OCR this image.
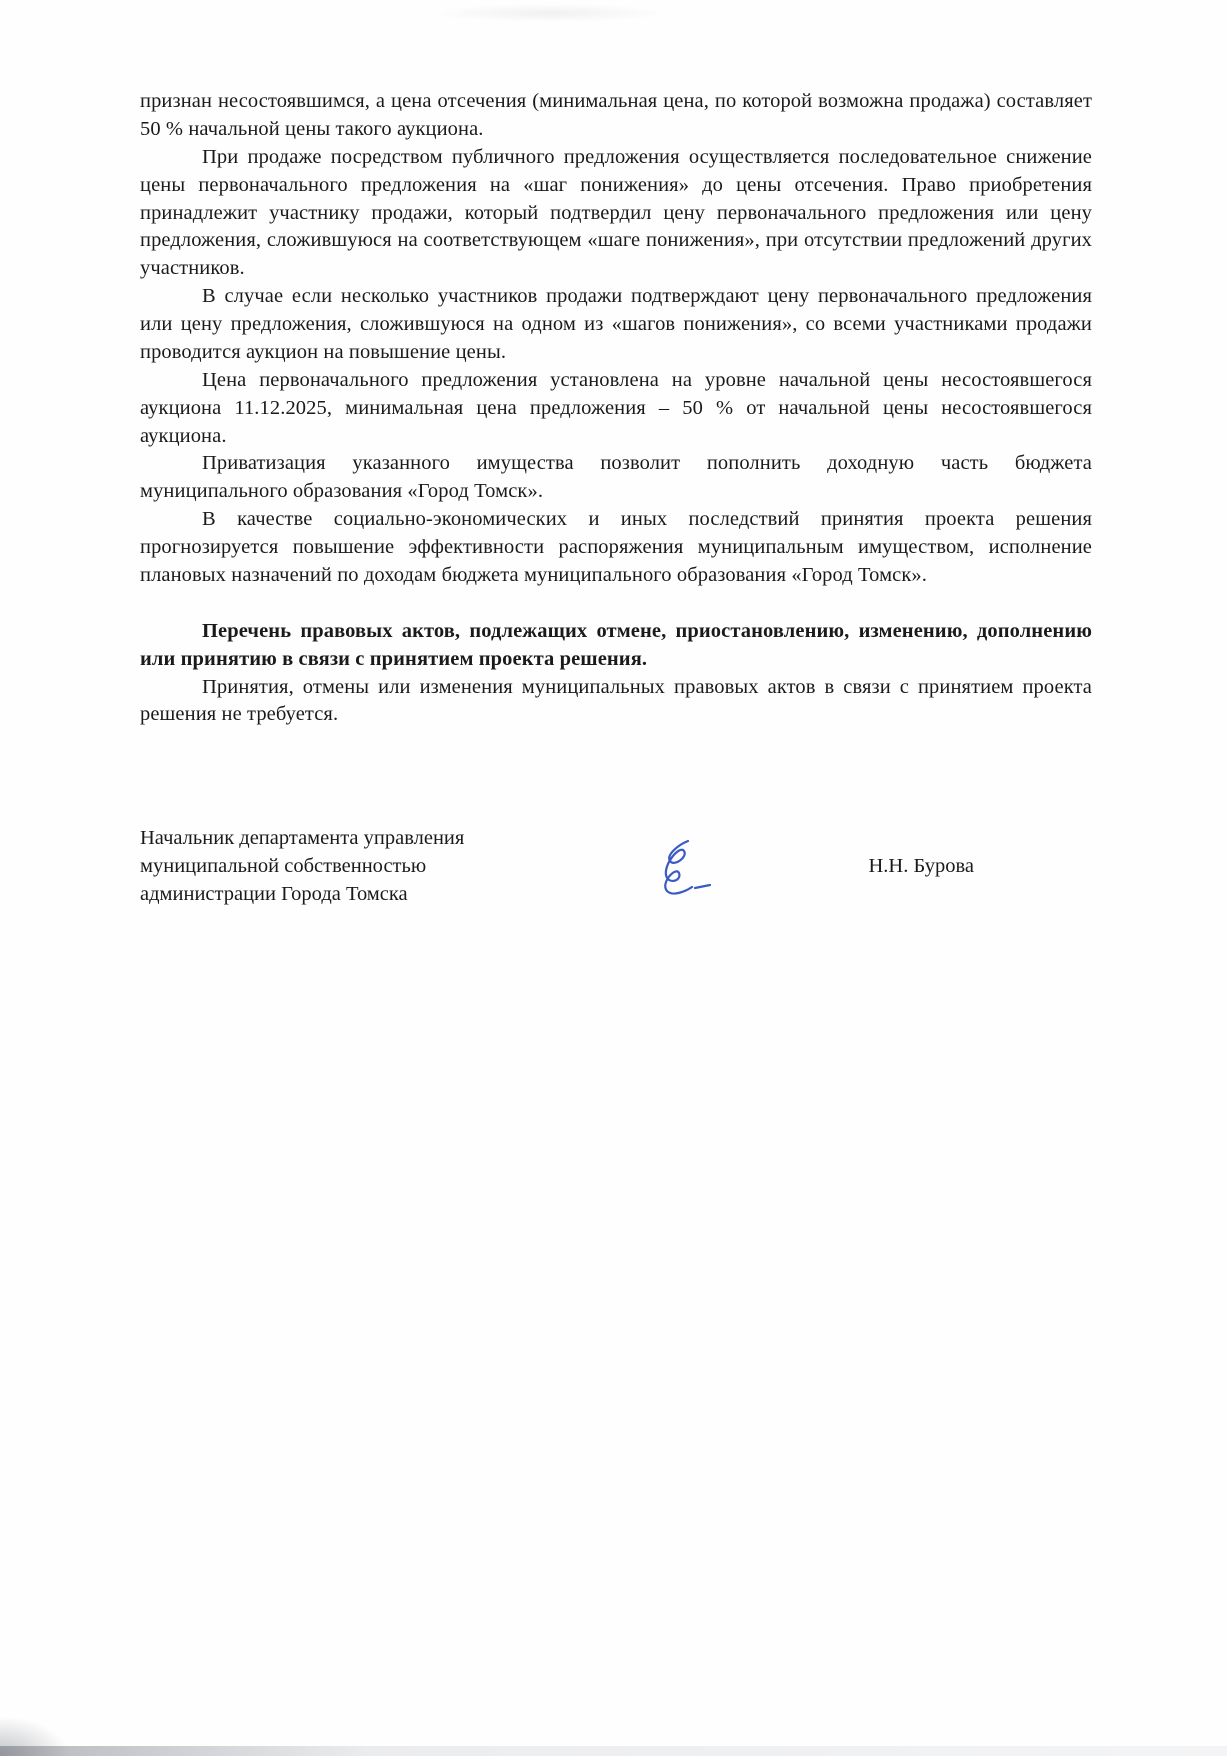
признан несостоявшимся, а цена отсечения (минимальная цена, по которой возможна продажа) составляет 50 % начальной цены такого аукциона.

При продаже посредством публичного предложения осуществляется последовательное снижение цены первоначального предложения на «шаг понижения» до цены отсечения. Право приобретения принадлежит участнику продажи, который подтвердил цену первоначального предложения или цену предложения, сложившуюся на соответствующем «шаге понижения», при отсутствии предложений других участников.

В случае если несколько участников продажи подтверждают цену первоначального предложения или цену предложения, сложившуюся на одном из «шагов понижения», со всеми участниками продажи проводится аукцион на повышение цены.

Цена первоначального предложения установлена на уровне начальной цены несостоявшегося аукциона 11.12.2025, минимальная цена предложения – 50 % от начальной цены несостоявшегося аукциона.

Приватизация указанного имущества позволит пополнить доходную часть бюджета муниципального образования «Город Томск».

В качестве социально-экономических и иных последствий принятия проекта решения прогнозируется повышение эффективности распоряжения муниципальным имуществом, исполнение плановых назначений по доходам бюджета муниципального образования «Город Томск».

Перечень правовых актов, подлежащих отмене, приостановлению, изменению, дополнению или принятию в связи с принятием проекта решения.

Принятия, отмены или изменения муниципальных правовых актов в связи с принятием проекта решения не требуется.

Начальник департамента управления
муниципальной собственностью
администрации Города Томска
Н.Н. Бурова
